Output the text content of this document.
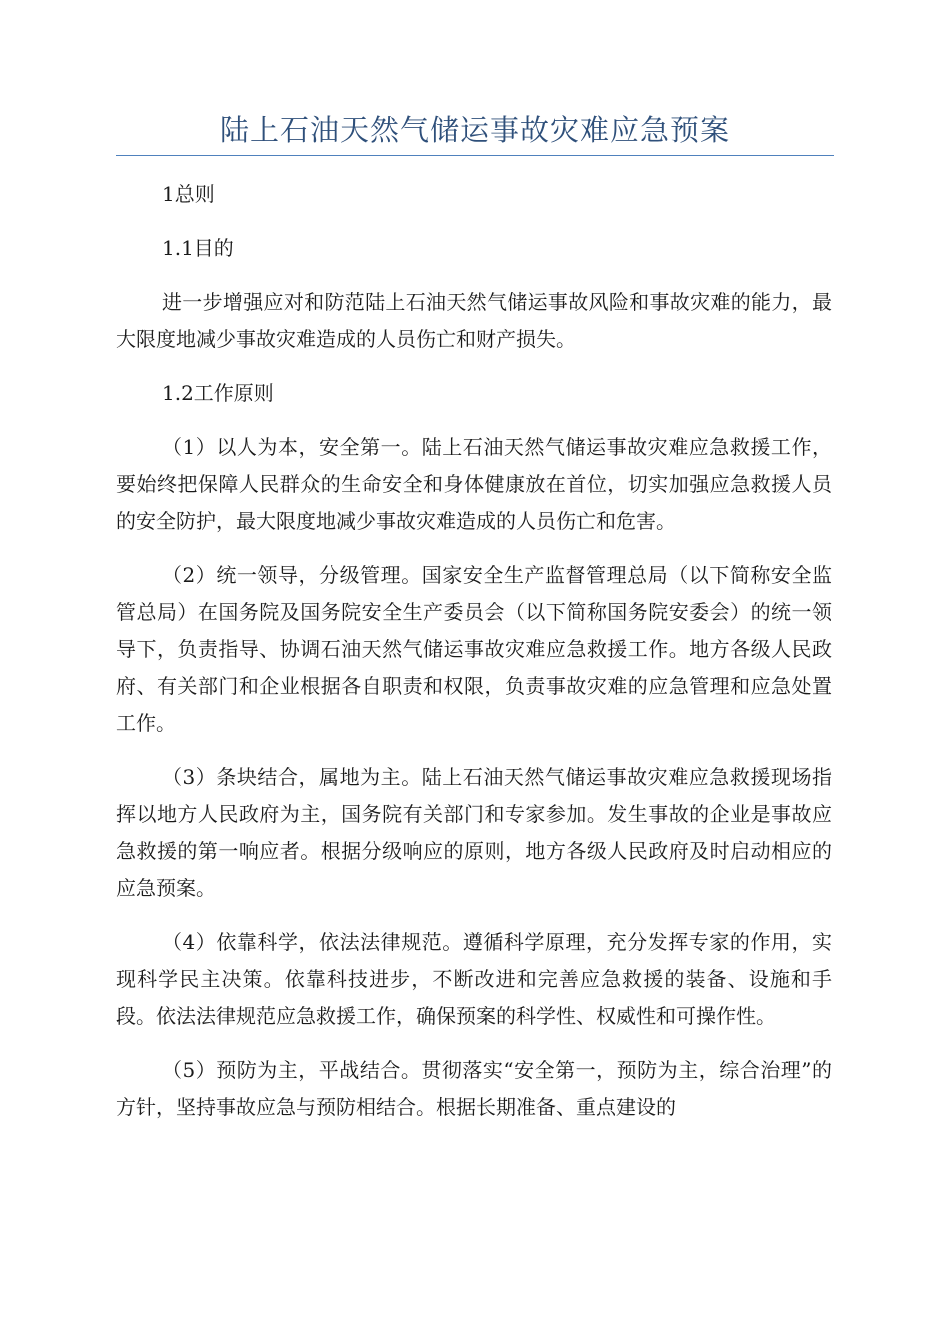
陆上石油天然气储运事故灾难应急预案
1总则
1.1目的
进一步增强应对和防范陆上石油天然气储运事故风险和事故灾难的能力，最大限度地减少事故灾难造成的人员伤亡和财产损失。
1.2工作原则
（1）以人为本，安全第一。陆上石油天然气储运事故灾难应急救援工作，要始终把保障人民群众的生命安全和身体健康放在首位，切实加强应急救援人员的安全防护，最大限度地减少事故灾难造成的人员伤亡和危害。
（2）统一领导，分级管理。国家安全生产监督管理总局（以下简称安全监管总局）在国务院及国务院安全生产委员会（以下简称国务院安委会）的统一领导下，负责指导、协调石油天然气储运事故灾难应急救援工作。地方各级人民政府、有关部门和企业根据各自职责和权限，负责事故灾难的应急管理和应急处置工作。
（3）条块结合，属地为主。陆上石油天然气储运事故灾难应急救援现场指挥以地方人民政府为主，国务院有关部门和专家参加。发生事故的企业是事故应急救援的第一响应者。根据分级响应的原则，地方各级人民政府及时启动相应的应急预案。
（4）依靠科学，依法法律规范。遵循科学原理，充分发挥专家的作用，实现科学民主决策。依靠科技进步，不断改进和完善应急救援的装备、设施和手段。依法法律规范应急救援工作，确保预案的科学性、权威性和可操作性。
（5）预防为主，平战结合。贯彻落实“安全第一，预防为主，综合治理”的方针，坚持事故应急与预防相结合。根据长期准备、重点建设的
